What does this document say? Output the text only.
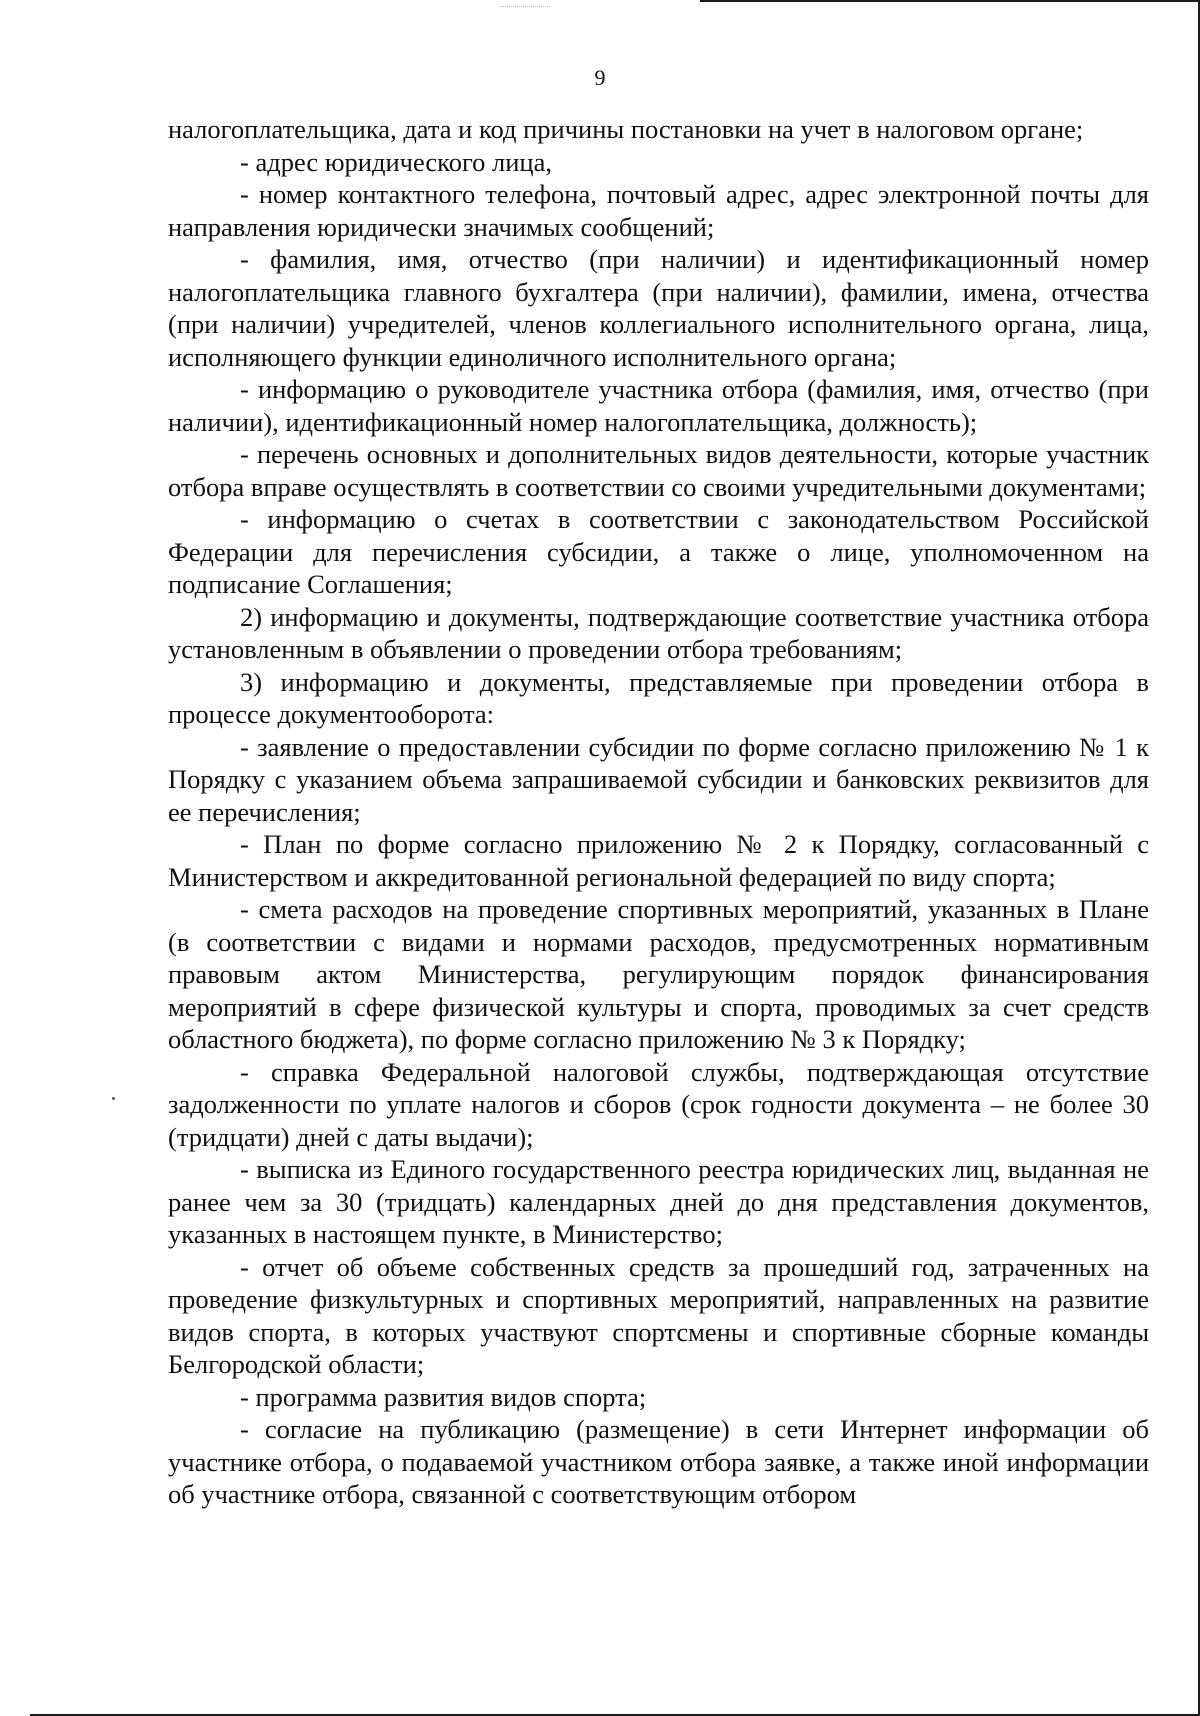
9

налогоплательщика, дата и код причины постановки на учет в налоговом органе;

- адрес юридического лица,

- номер контактного телефона, почтовый адрес, адрес электронной почты для направления юридически значимых сообщений;

- фамилия, имя, отчество (при наличии) и идентификационный номер налогоплательщика главного бухгалтера (при наличии), фамилии, имена, отчества (при наличии) учредителей, членов коллегиального исполнительного органа, лица, исполняющего функции единоличного исполнительного органа;

- информацию о руководителе участника отбора (фамилия, имя, отчество (при наличии), идентификационный номер налогоплательщика, должность);

- перечень основных и дополнительных видов деятельности, которые участник отбора вправе осуществлять в соответствии со своими учредительными документами;

- информацию о счетах в соответствии с законодательством Российской Федерации для перечисления субсидии, а также о лице, уполномоченном на подписание Соглашения;

2) информацию и документы, подтверждающие соответствие участника отбора установленным в объявлении о проведении отбора требованиям;

3) информацию и документы, представляемые при проведении отбора в процессе документооборота:

- заявление о предоставлении субсидии по форме согласно приложению № 1 к Порядку с указанием объема запрашиваемой субсидии и банковских реквизитов для ее перечисления;

- План по форме согласно приложению № 2 к Порядку, согласованный с Министерством и аккредитованной региональной федерацией по виду спорта;

- смета расходов на проведение спортивных мероприятий, указанных в Плане (в соответствии с видами и нормами расходов, предусмотренных нормативным правовым актом Министерства, регулирующим порядок финансирования мероприятий в сфере физической культуры и спорта, проводимых за счет средств областного бюджета), по форме согласно приложению № 3 к Порядку;

- справка Федеральной налоговой службы, подтверждающая отсутствие задолженности по уплате налогов и сборов (срок годности документа – не более 30 (тридцати) дней с даты выдачи);

- выписка из Единого государственного реестра юридических лиц, выданная не ранее чем за 30 (тридцать) календарных дней до дня представления документов, указанных в настоящем пункте, в Министерство;

- отчет об объеме собственных средств за прошедший год, затраченных на проведение физкультурных и спортивных мероприятий, направленных на развитие видов спорта, в которых участвуют спортсмены и спортивные сборные команды Белгородской области;

- программа развития видов спорта;

- согласие на публикацию (размещение) в сети Интернет информации об участнике отбора, о подаваемой участником отбора заявке, а также иной информации об участнике отбора, связанной с соответствующим отбором
